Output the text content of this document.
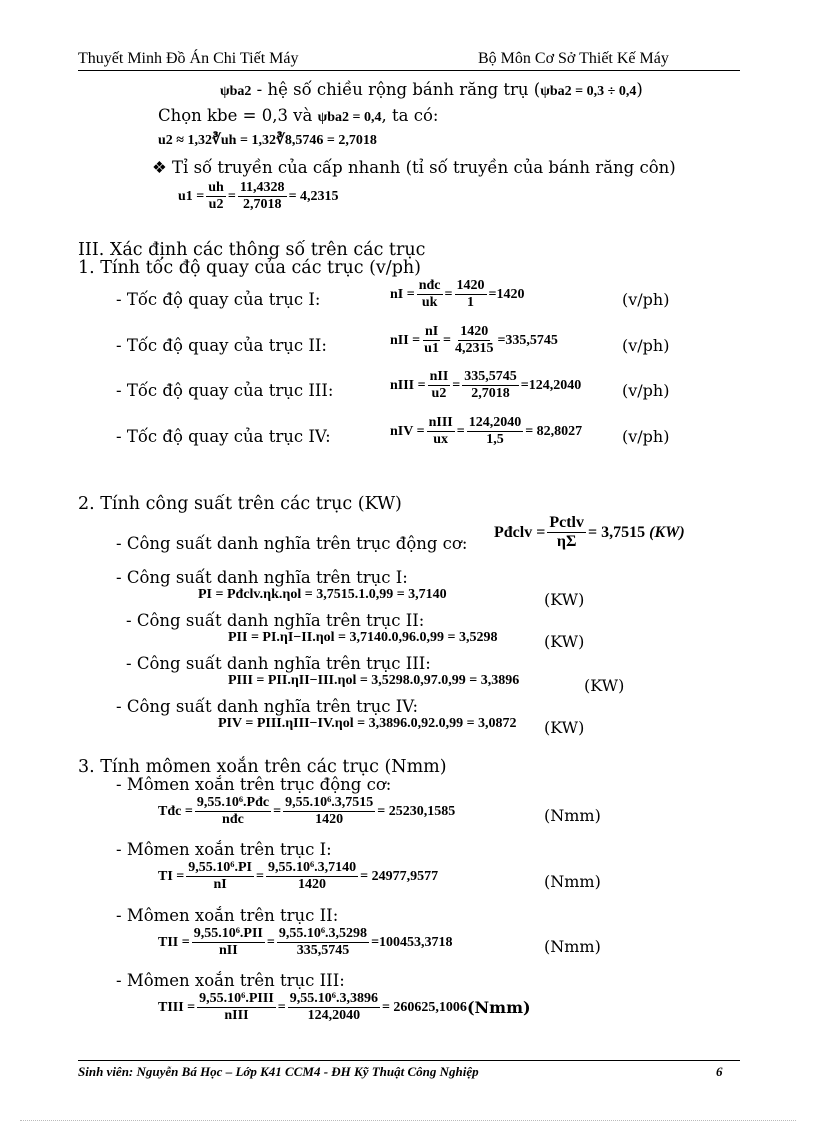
Thuyết Minh Đồ Án Chi Tiết Máy	Bộ Môn Cơ Sở Thiết Kế Máy
ψba2 - hệ số chiều rộng bánh răng trụ (ψba2 = 0,3 ÷ 0,4)
Chọn kbe = 0,3 và ψba2 = 0,4, ta có:
u2 ≈ 1,32∛uh = 1,32∛8,5746 = 2,7018
❖ Tỉ số truyền của cấp nhanh (tỉ số truyền của bánh răng côn)
$u1 = \frac{uh}{u2} = \frac{11,4328}{2,7018} = 4,2315$
III. Xác định các thông số trên các trục
1. Tính tốc độ quay của các trục (v/ph)
- Tốc độ quay của trục I:	nI = $\frac{\text{nđc}}{uk} = \frac{1420}{1} =1420$	(v/ph)
- Tốc độ quay của trục II:	nII = $\frac{nI}{u1} = \frac{1420}{4,2315} =335,5745$	(v/ph)
- Tốc độ quay của trục III:	nIII = $\frac{\text{nII}}{u2} = \frac{335,5745}{2,7018} =124,2040$	(v/ph)
- Tốc độ quay của trục IV:	nIV = $\frac{\text{nIII}}{ux} = \frac{124,2040}{1,5} = 82,8027$ (v/ph)
2. Tính công suất trên các trục (KW)
- Công suất danh nghĩa trên trục động cơ:
Pđclv = $\frac{\text{Pctlv}}{\eta\Sigma} = 3,7515$
(KW)
- Công suất danh nghĩa trên trục I:
PI = Pđclv.ηk.ηol = 3,7515.1.0,99 = 3,7140	(KW)
- Công suất danh nghĩa trên trục II:
PII = PI.ηI−II.ηol = 3,7140.0,96.0,99 = 3,5298	(KW)
- Công suất danh nghĩa trên trục III:
PIII = PII.ηII−III.ηol = 3,5298.0,97.0,99 = 3,3896	(KW)
- Công suất danh nghĩa trên trục IV:
PIV = PIII.ηIII−IV.ηol = 3,3896.0,92.0,99 = 3,0872 (KW)
3. Tính mômen xoắn trên các trục (Nmm)
- Mômen xoắn trên trục động cơ:
Tđc = $\frac{\text{9,55.10⁶.Pđc}}{\text{nđc}} = \frac{\text{9,55.10⁶.3,7515}}{1420} = 25230,1585$	(Nmm)
- Mômen xoắn trên trục I:
TI = $\frac{\text{9,55.10⁶.PI}}{nI} = \frac{\text{9,55.10⁶.3,7140}}{1420} = 24977,9577$	(Nmm)
- Mômen xoắn trên trục II:
TII = $\frac{\text{9,55.10⁶.PII}}{\text{nII}} = \frac{\text{9,55.10⁶.3,5298}}{335,5745} =100453,3718$	(Nmm)
- Mômen xoắn trên trục III:
TIII = $\frac{\text{9,55.10⁶.PIII}}{\text{nIII}} = \frac{\text{9,55.10⁶.3,3896}}{124,2040} = 260625,1006$ (Nmm)
Sinh viên: Nguyễn Bá Học – Lớp K41 CCM4 - ĐH Kỹ Thuật Công Nghiệp	6
